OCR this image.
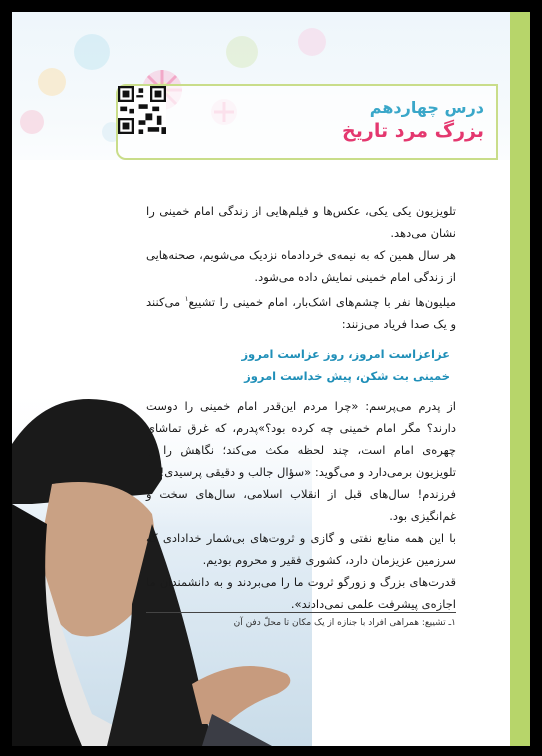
درس چهاردهم
بزرگ مرد تاریخ

تلویزیون یکی یکی، عکس‌ها و فیلم‌هایی از زندگی امام خمینی را نشان می‌دهد.

هر سال همین که به نیمه‌ی خردادماه نزدیک می‌شویم، صحنه‌هایی از زندگی امام خمینی نمایش داده می‌شود.

میلیون‌ها نفر با چشم‌های اشک‌بار، امام خمینی را تشییع$^۱$ می‌کنند و یک صدا فریاد می‌زنند:

عزاعزاست امروز، روز عزاست امروز
خمینی بت شکن، پیش خداست امروز

از پدرم می‌پرسم: «چرا مردم این‌قدر امام خمینی را دوست دارند؟ مگر امام خمینی چه کرده بود؟»پدرم، که غرق تماشای چهره‌ی امام است، چند لحظه مکث می‌کند؛ نگاهش را از تلویزیون برمی‌دارد و می‌گوید: «سؤال جالب و دقیقی پرسیدی!

فرزندم! سال‌های قبل از انقلاب اسلامی، سال‌های سخت و غم‌انگیزی بود.

با این همه منابع نفتی و گازی و ثروت‌های بی‌شمار خدادادی که سرزمین عزیزمان دارد، کشوری فقیر و محروم بودیم.

قدرت‌های بزرگ و زورگو ثروت ما را می‌بردند و به دانشمندان ما اجازه‌ی پیشرفت علمی نمی‌دادند».

۱ـ تشییع: همراهی افراد با جنازه از یک مکان تا محلّ دفن آن
